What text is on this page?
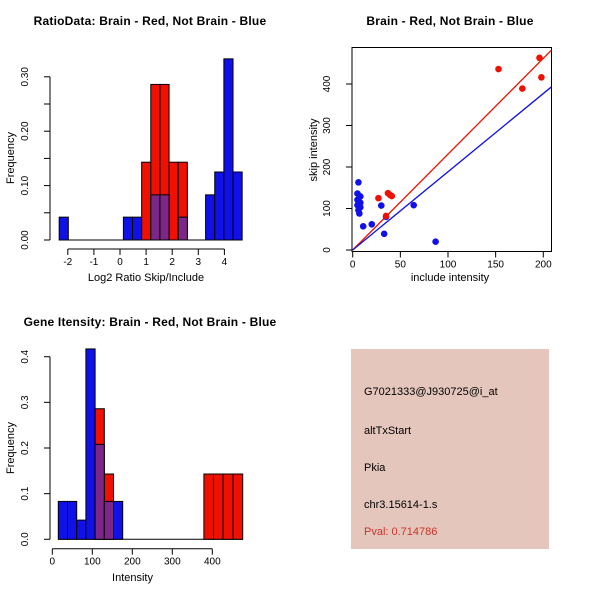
0.00
0.10
0.20
0.30
-2 -1 0 1 2 3 4	0	50	100	150	200
0
100
200
300
400
0.0
0.1
0.2
0.3
0.4
0	100 200 300 400
RatioData: Brain - Red, Not Brain - Blue	Brain - Red, Not Brain - Blue
Gene Itensity: Brain - Red, Not Brain - Blue
Log2 Ratio Skip/Include
Frequency
include intensity
skip intensity
Intensity
Frequency
G7021333@J930725@i_at
altTxStart
Pkia
chr3.15614-1.s
Pval: 0.714786
